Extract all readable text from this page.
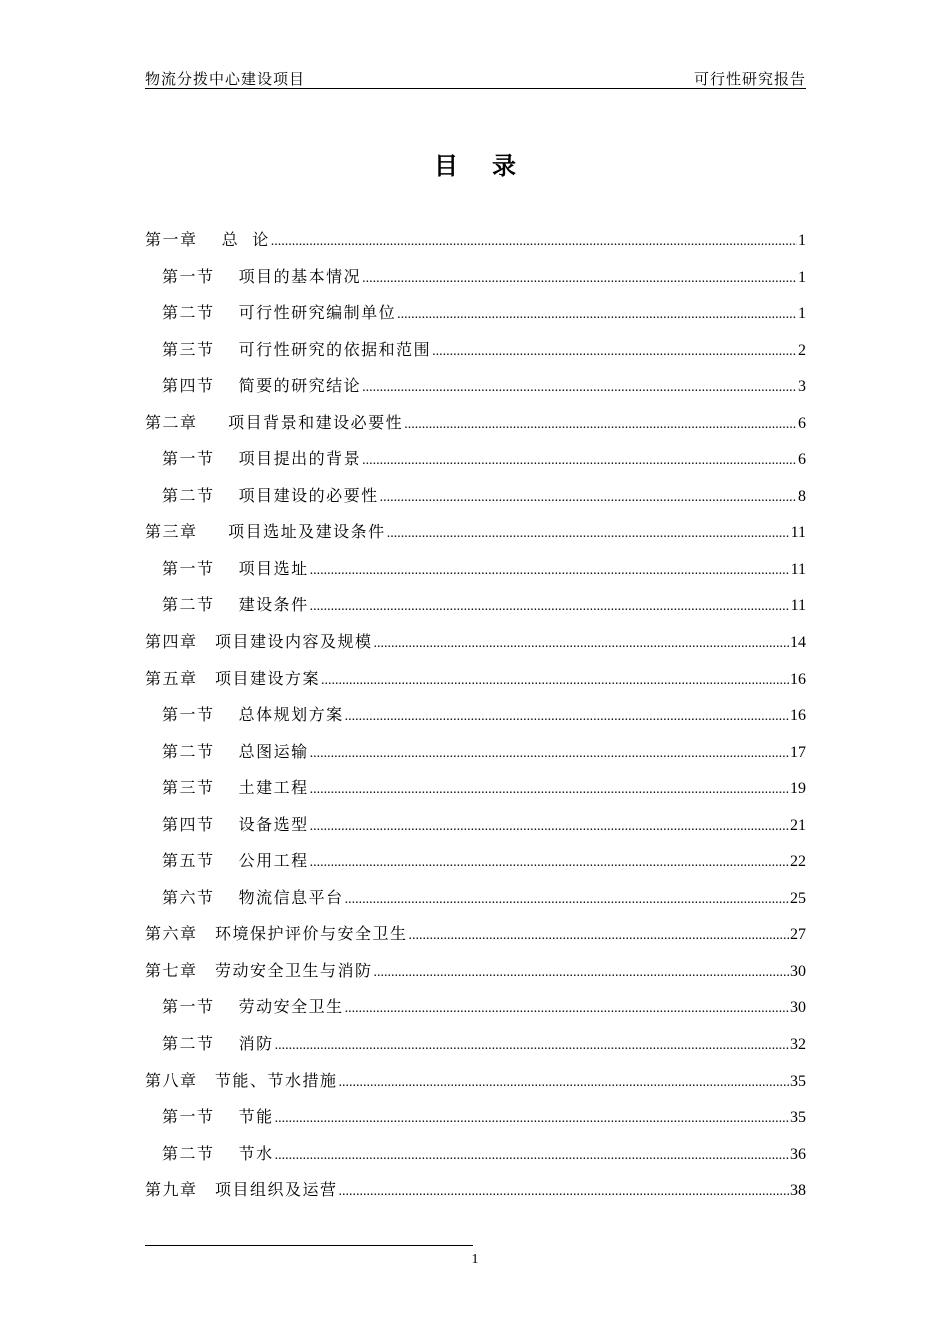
物流分拨中心建设项目	可行性研究报告
目录
第一章　 总  论 .....	1
第一节　 项目的基本情况 .....	1
第二节　 可行性研究编制单位 .....	1
第三节　 可行性研究的依据和范围 .....	2
第四节　 简要的研究结论 .....	3
第二章　  项目背景和建设必要性 .....	6
第一节　 项目提出的背景 .....	6
第二节　 项目建设的必要性 .....	8
第三章　  项目选址及建设条件 .....	11
第一节　 项目选址 .....	11
第二节　 建设条件 .....	11
第四章　项目建设内容及规模 .....	14
第五章　项目建设方案 .....	16
第一节　 总体规划方案 .....	16
第二节　 总图运输 .....	17
第三节　 土建工程 .....	19
第四节　 设备选型 .....	21
第五节　 公用工程 .....	22
第六节　 物流信息平台 .....	25
第六章　环境保护评价与安全卫生 .....	27
第七章　劳动安全卫生与消防 .....	30
第一节　 劳动安全卫生 .....	30
第二节　 消防 .....	32
第八章　节能、节水措施 .....	35
第一节　 节能 .....	35
第二节　 节水 .....	36
第九章　项目组织及运营 .....	38
1
